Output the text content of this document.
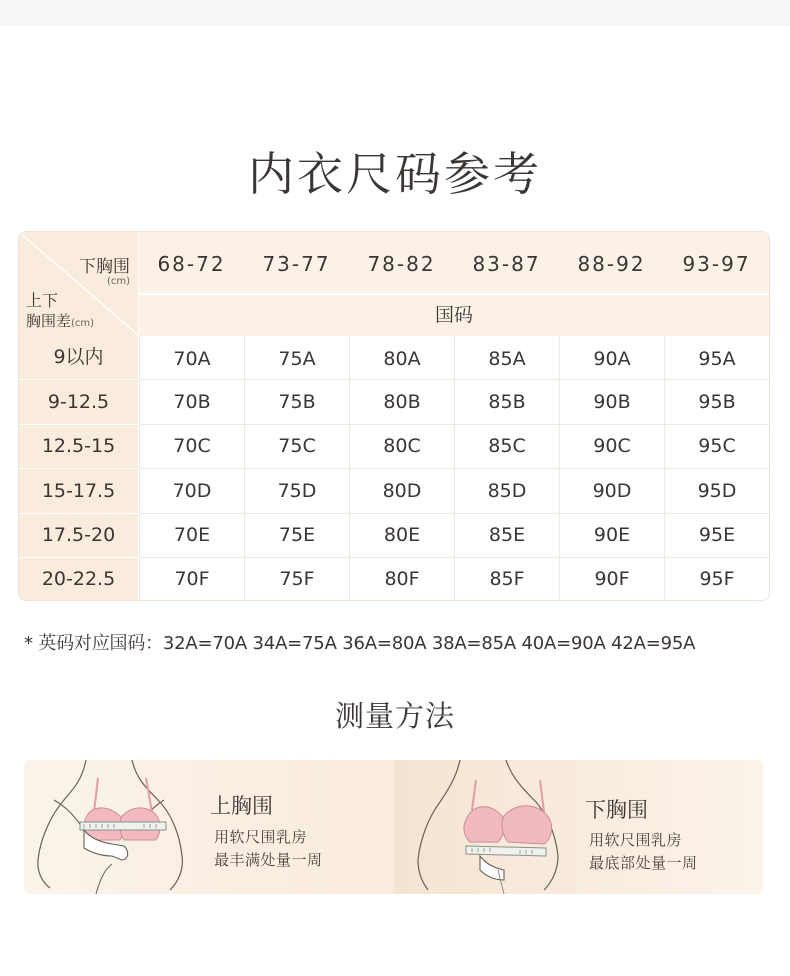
内衣尺码参考
下胸围
(cm)
上下
胸围差(cm)
68-72	73-77	78-82	83-87	88-92	93-97
国码
9以内	70A	75A	80A	85A	90A	95A
9-12.5	70B	75B	80B	85B	90B	95B
12.5-15	70C	75C	80C	85C	90C	95C
15-17.5	70D	75D	80D	85D	90D	95D
17.5-20	70E	75E	80E	85E	90E	95E
20-22.5	70F	75F	80F	85F	90F	95F
* 英码对应国码：32A=70A 34A=75A 36A=80A 38A=85A 40A=90A 42A=95A
测量方法
上胸围
用软尺围乳房
最丰满处量一周
下胸围
用软尺围乳房
最底部处量一周
